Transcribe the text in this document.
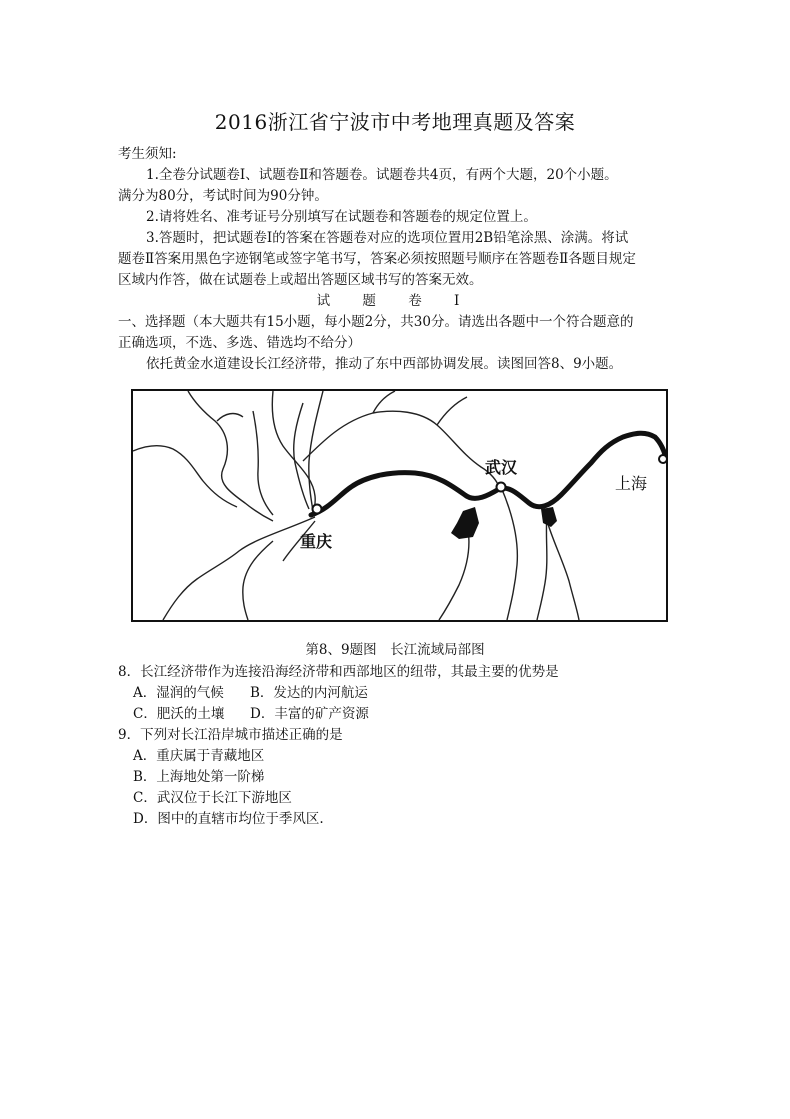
2016浙江省宁波市中考地理真题及答案
考生须知:
1.全卷分试题卷Ⅰ、试题卷Ⅱ和答题卷。试题卷共4页，有两个大题，20个小题。
满分为80分，考试时间为90分钟。
2.请将姓名、准考证号分别填写在试题卷和答题卷的规定位置上。
3.答题时，把试题卷Ⅰ的答案在答题卷对应的选项位置用2B铅笔涂黑、涂满。将试
题卷Ⅱ答案用黑色字迹钢笔或签字笔书写，答案必须按照题号顺序在答题卷Ⅱ各题目规定
区域内作答，做在试题卷上或超出答题区域书写的答案无效。
试 题 卷 Ⅰ
一、选择题（本大题共有15小题，每小题2分，共30分。请选出各题中一个符合题意的
正确选项，不选、多选、错选均不给分）
依托黄金水道建设长江经济带，推动了东中西部协调发展。读图回答8、9小题。
重庆
武汉
上海
第8、9题图　长江流域局部图
8．长江经济带作为连接沿海经济带和西部地区的纽带，其最主要的优势是
A．湿润的气候 B．发达的内河航运
C．肥沃的土壤 D．丰富的矿产资源
9．下列对长江沿岸城市描述正确的是
A．重庆属于青藏地区
B．上海地处第一阶梯
C．武汉位于长江下游地区
D．图中的直辖市均位于季风区.
